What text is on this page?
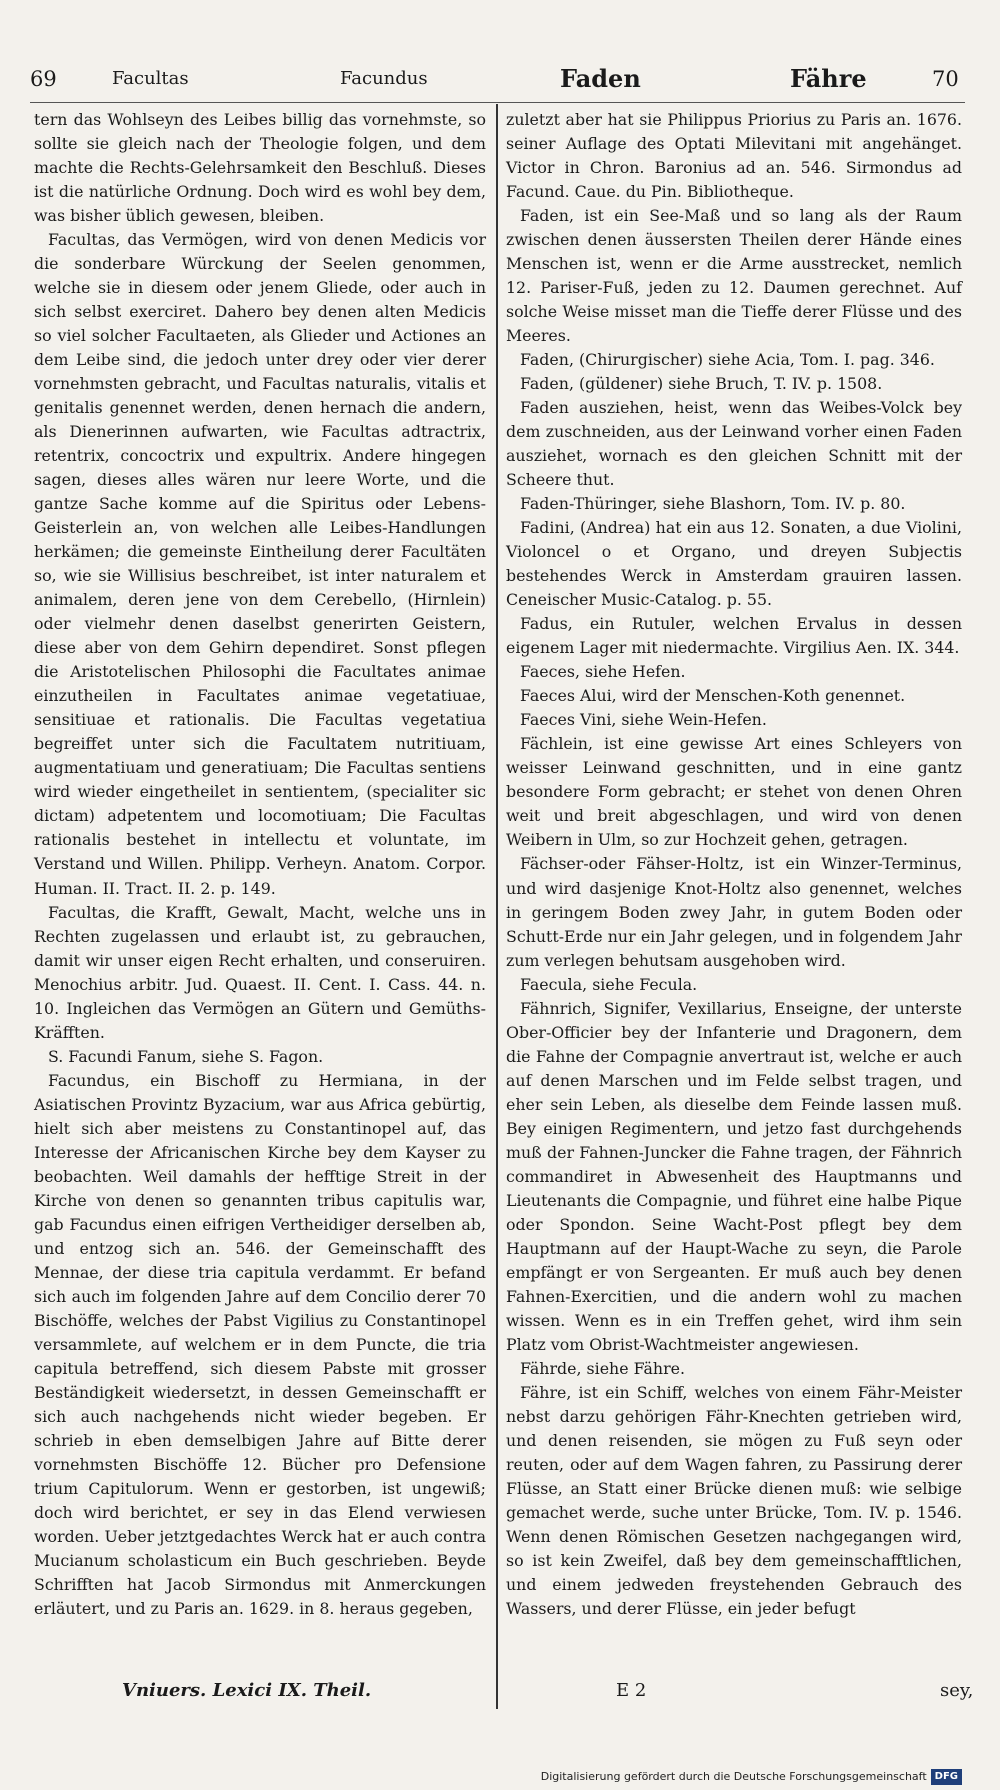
69	Facultas	Facundus	Faden	Fähre	70

tern das Wohlseyn des Leibes billig das vornehmste, so sollte sie gleich nach der Theologie folgen, und dem machte die Rechts-Gelehrsamkeit den Beschluß. Dieses ist die natürliche Ordnung. Doch wird es wohl bey dem, was bisher üblich gewesen, bleiben.

Facultas, das Vermögen, wird von denen Medicis vor die sonderbare Würckung der Seelen genommen, welche sie in diesem oder jenem Gliede, oder auch in sich selbst exerciret. Dahero bey denen alten Medicis so viel solcher Facultaeten, als Glieder und Actiones an dem Leibe sind, die jedoch unter drey oder vier derer vornehmsten gebracht, und Facultas naturalis, vitalis et genitalis genennet werden, denen hernach die andern, als Dienerinnen aufwarten, wie Facultas adtractrix, retentrix, concoctrix und expultrix. Andere hingegen sagen, dieses alles wären nur leere Worte, und die gantze Sache komme auf die Spiritus oder Lebens-Geisterlein an, von welchen alle Leibes-Handlungen herkämen; die gemeinste Eintheilung derer Facultäten so, wie sie Willisius beschreibet, ist inter naturalem et animalem, deren jene von dem Cerebello, (Hirnlein) oder vielmehr denen daselbst generirten Geistern, diese aber von dem Gehirn dependiret. Sonst pflegen die Aristotelischen Philosophi die Facultates animae einzutheilen in Facultates animae vegetatiuae, sensitiuae et rationalis. Die Facultas vegetatiua begreiffet unter sich die Facultatem nutritiuam, augmentatiuam und generatiuam; Die Facultas sentiens wird wieder eingetheilet in sentientem, (specialiter sic dictam) adpetentem und locomotiuam; Die Facultas rationalis bestehet in intellectu et voluntate, im Verstand und Willen. Philipp. Verheyn. Anatom. Corpor. Human. II. Tract. II. 2. p. 149.

Facultas, die Krafft, Gewalt, Macht, welche uns in Rechten zugelassen und erlaubt ist, zu gebrauchen, damit wir unser eigen Recht erhalten, und conseruiren. Menochius arbitr. Jud. Quaest. II. Cent. I. Cass. 44. n. 10. Ingleichen das Vermögen an Gütern und Gemüths-Kräfften.

S. Facundi Fanum, siehe S. Fagon.

Facundus, ein Bischoff zu Hermiana, in der Asiatischen Provintz Byzacium, war aus Africa gebürtig, hielt sich aber meistens zu Constantinopel auf, das Interesse der Africanischen Kirche bey dem Kayser zu beobachten. Weil damahls der hefftige Streit in der Kirche von denen so genannten tribus capitulis war, gab Facundus einen eifrigen Vertheidiger derselben ab, und entzog sich an. 546. der Gemeinschafft des Mennae, der diese tria capitula verdammt. Er befand sich auch im folgenden Jahre auf dem Concilio derer 70 Bischöffe, welches der Pabst Vigilius zu Constantinopel versammlete, auf welchem er in dem Puncte, die tria capitula betreffend, sich diesem Pabste mit grosser Beständigkeit wiedersetzt, in dessen Gemeinschafft er sich auch nachgehends nicht wieder begeben. Er schrieb in eben demselbigen Jahre auf Bitte derer vornehmsten Bischöffe 12. Bücher pro Defensione trium Capitulorum. Wenn er gestorben, ist ungewiß; doch wird berichtet, er sey in das Elend verwiesen worden. Ueber jetztgedachtes Werck hat er auch contra Mucianum scholasticum ein Buch geschrieben. Beyde Schrifften hat Jacob Sirmondus mit Anmerckungen erläutert, und zu Paris an. 1629. in 8. heraus gegeben,

zuletzt aber hat sie Philippus Priorius zu Paris an. 1676. seiner Auflage des Optati Milevitani mit angehänget. Victor in Chron. Baronius ad an. 546. Sirmondus ad Facund. Caue. du Pin. Bibliotheque.

Faden, ist ein See-Maß und so lang als der Raum zwischen denen äussersten Theilen derer Hände eines Menschen ist, wenn er die Arme ausstrecket, nemlich 12. Pariser-Fuß, jeden zu 12. Daumen gerechnet. Auf solche Weise misset man die Tieffe derer Flüsse und des Meeres.

Faden, (Chirurgischer) siehe Acia, Tom. I. pag. 346.

Faden, (güldener) siehe Bruch, T. IV. p. 1508.

Faden ausziehen, heist, wenn das Weibes-Volck bey dem zuschneiden, aus der Leinwand vorher einen Faden ausziehet, wornach es den gleichen Schnitt mit der Scheere thut.

Faden-Thüringer, siehe Blashorn, Tom. IV. p. 80.

Fadini, (Andrea) hat ein aus 12. Sonaten, a due Violini, Violoncel o et Organo, und dreyen Subjectis bestehendes Werck in Amsterdam grauiren lassen. Ceneischer Music-Catalog. p. 55.

Fadus, ein Rutuler, welchen Ervalus in dessen eigenem Lager mit niedermachte. Virgilius Aen. IX. 344.

Faeces, siehe Hefen.

Faeces Alui, wird der Menschen-Koth genennet.

Faeces Vini, siehe Wein-Hefen.

Fächlein, ist eine gewisse Art eines Schleyers von weisser Leinwand geschnitten, und in eine gantz besondere Form gebracht; er stehet von denen Ohren weit und breit abgeschlagen, und wird von denen Weibern in Ulm, so zur Hochzeit gehen, getragen.

Fächser-oder Fähser-Holtz, ist ein Winzer-Terminus, und wird dasjenige Knot-Holtz also genennet, welches in geringem Boden zwey Jahr, in gutem Boden oder Schutt-Erde nur ein Jahr gelegen, und in folgendem Jahr zum verlegen behutsam ausgehoben wird.

Faecula, siehe Fecula.

Fähnrich, Signifer, Vexillarius, Enseigne, der unterste Ober-Officier bey der Infanterie und Dragonern, dem die Fahne der Compagnie anvertraut ist, welche er auch auf denen Marschen und im Felde selbst tragen, und eher sein Leben, als dieselbe dem Feinde lassen muß. Bey einigen Regimentern, und jetzo fast durchgehends muß der Fahnen-Juncker die Fahne tragen, der Fähnrich commandiret in Abwesenheit des Hauptmanns und Lieutenants die Compagnie, und führet eine halbe Pique oder Spondon. Seine Wacht-Post pflegt bey dem Hauptmann auf der Haupt-Wache zu seyn, die Parole empfängt er von Sergeanten. Er muß auch bey denen Fahnen-Exercitien, und die andern wohl zu machen wissen. Wenn es in ein Treffen gehet, wird ihm sein Platz vom Obrist-Wachtmeister angewiesen.

Fährde, siehe Fähre.

Fähre, ist ein Schiff, welches von einem Fähr-Meister nebst darzu gehörigen Fähr-Knechten getrieben wird, und denen reisenden, sie mögen zu Fuß seyn oder reuten, oder auf dem Wagen fahren, zu Passirung derer Flüsse, an Statt einer Brücke dienen muß: wie selbige gemachet werde, suche unter Brücke, Tom. IV. p. 1546. Wenn denen Römischen Gesetzen nachgegangen wird, so ist kein Zweifel, daß bey dem gemeinschafftlichen, und einem jedweden freystehenden Gebrauch des Wassers, und derer Flüsse, ein jeder befugt

Vniuers. Lexici IX. Theil.	E 2	sey,
Digitalisierung gefördert durch die Deutsche Forschungsgemeinschaft DFG
